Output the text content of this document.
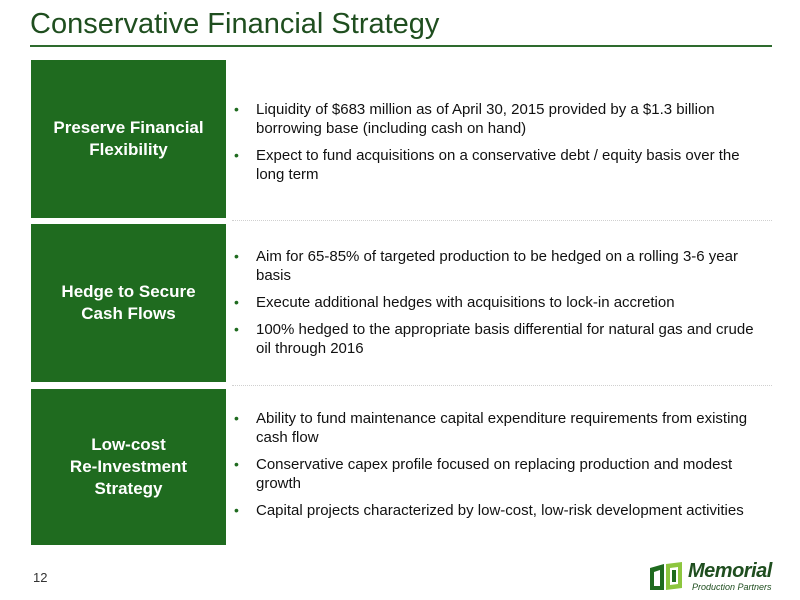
Conservative Financial Strategy
Preserve Financial
Flexibility
• Liquidity of $683 million as of April 30, 2015 provided by a $1.3 billion borrowing base (including cash on hand)
• Expect to fund acquisitions on a conservative debt / equity basis over the long term
Hedge to Secure
Cash Flows
• Aim for 65-85% of targeted production to be hedged on a rolling 3-6 year basis
• Execute additional hedges with acquisitions to lock-in accretion
• 100% hedged to the appropriate basis differential for natural gas and crude oil through 2016
Low-cost
Re-Investment
Strategy
• Ability to fund maintenance capital expenditure requirements from existing cash flow
• Conservative capex profile focused on replacing production and modest growth
• Capital projects characterized by low-cost, low-risk development activities
12	Memorial
Production Partners
